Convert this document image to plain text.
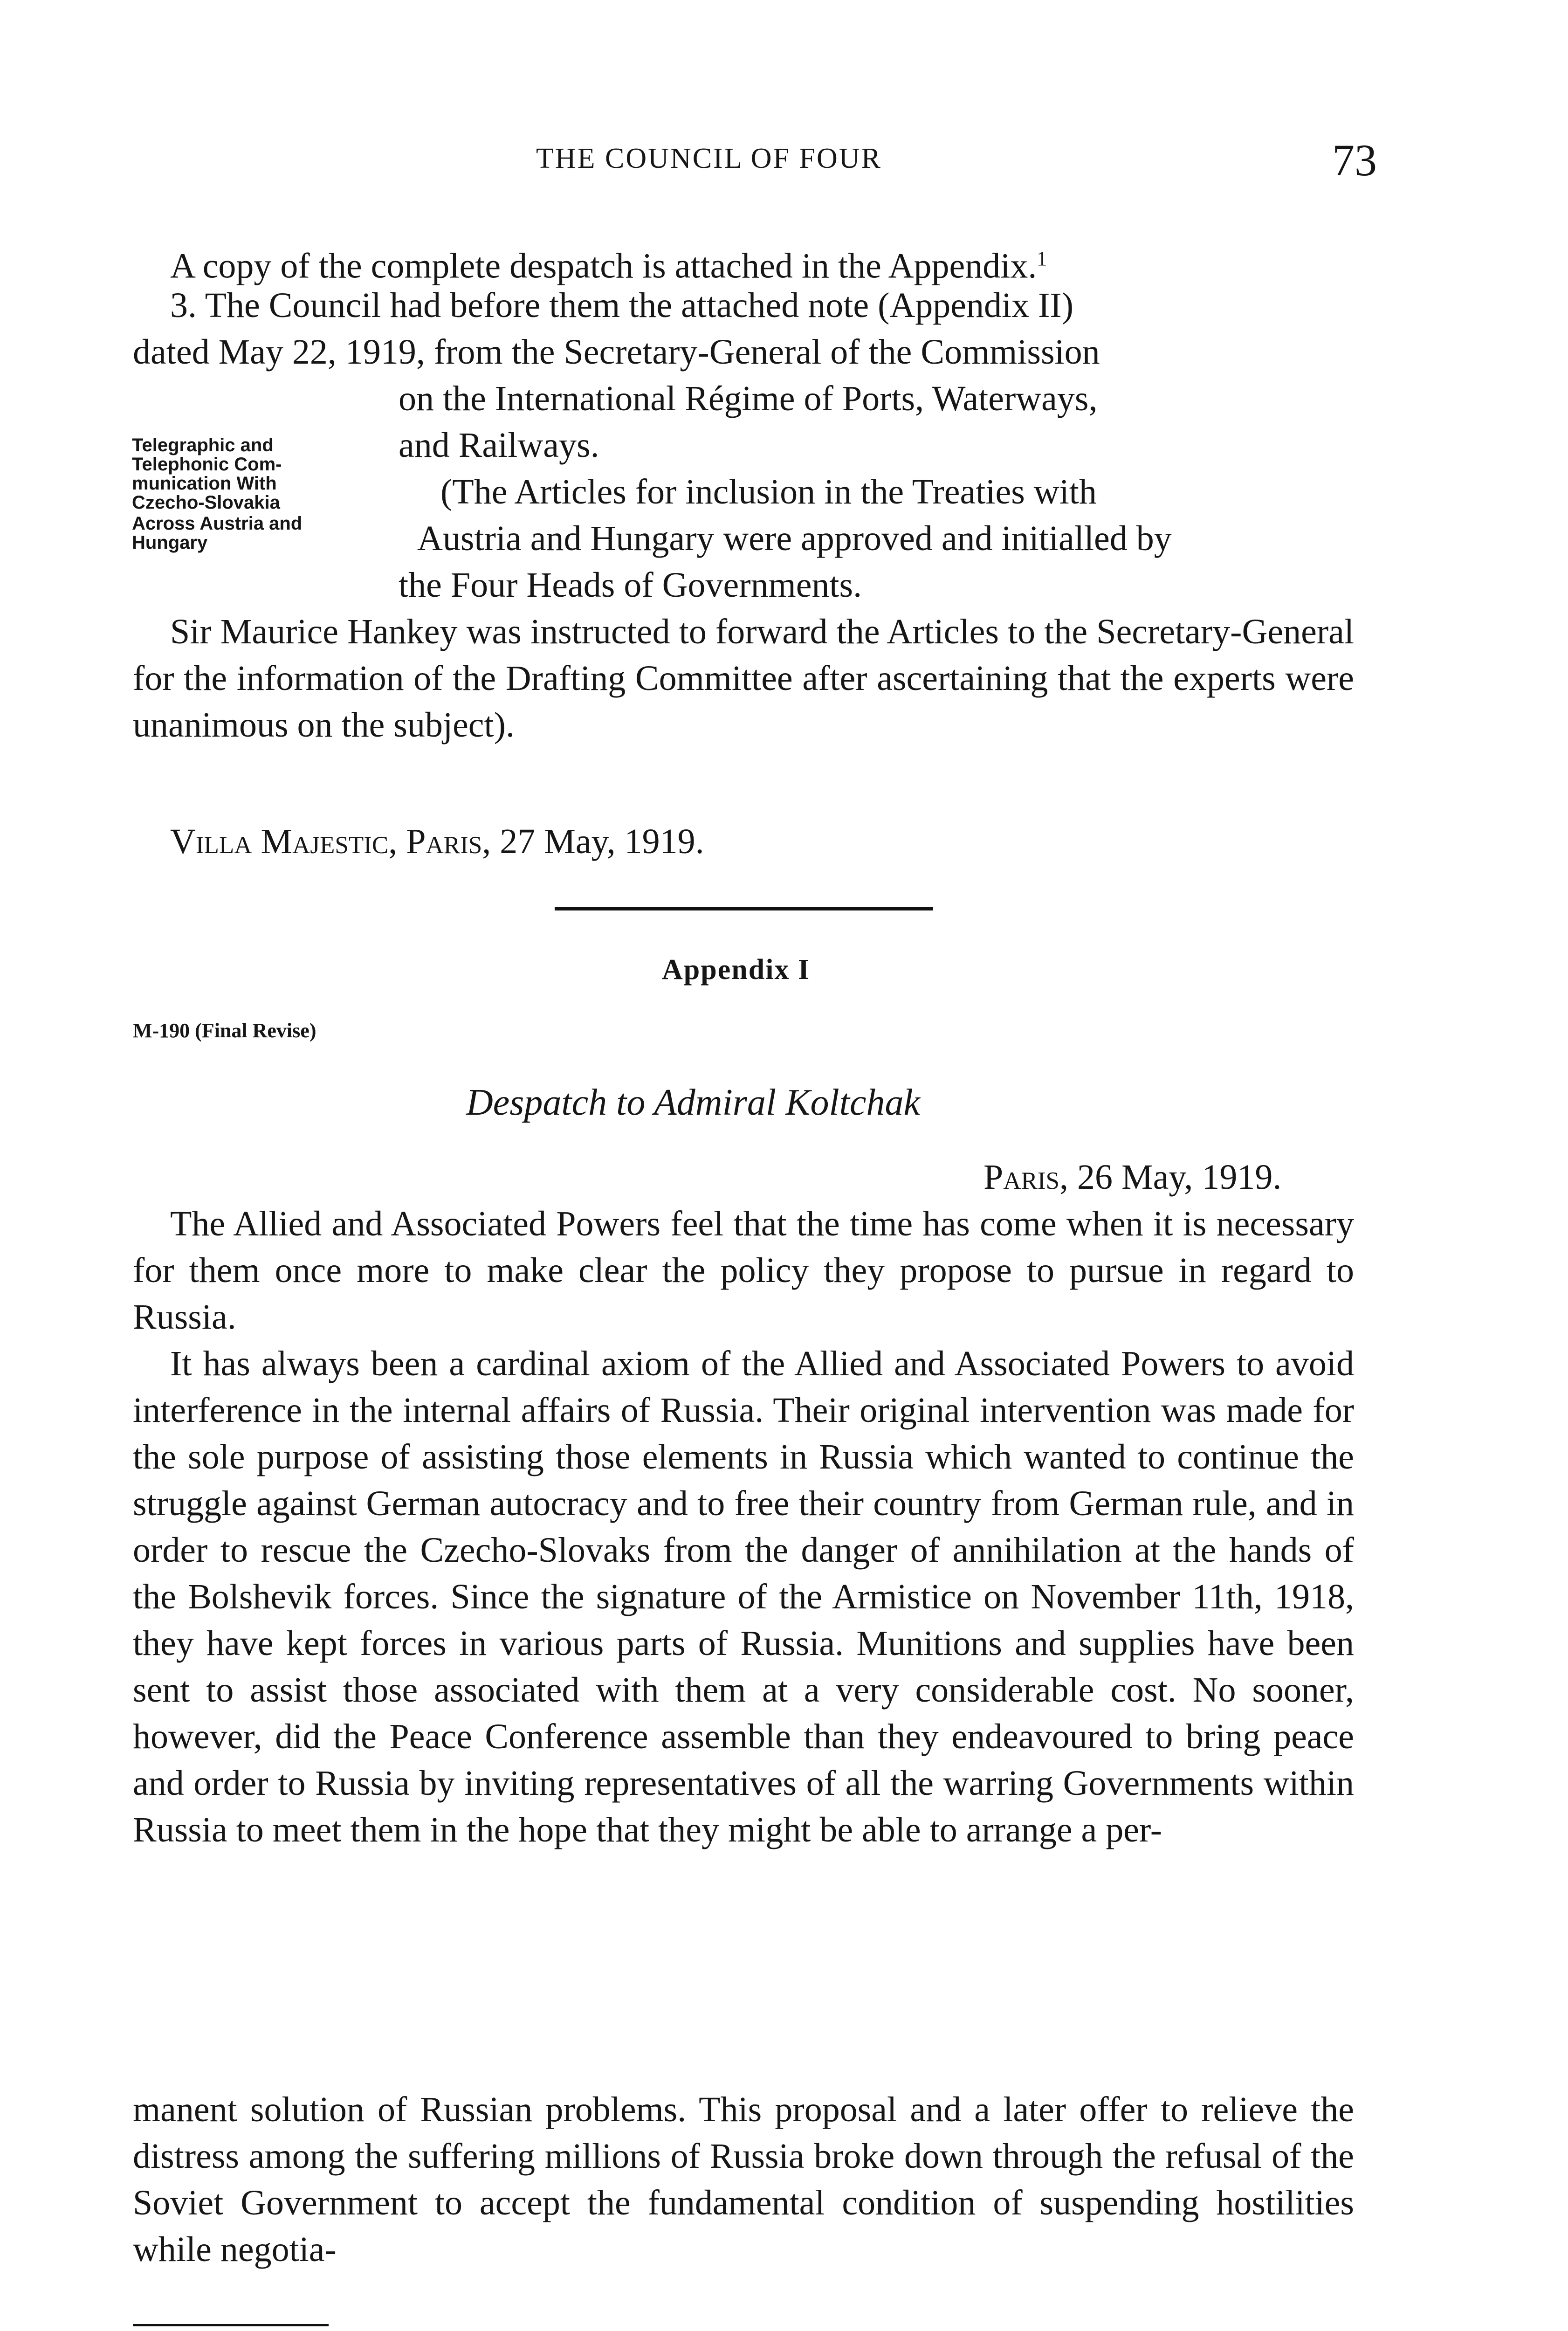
THE COUNCIL OF FOUR	73
A copy of the complete despatch is attached in the Appendix.$^1$
3. The Council had before them the attached note (Appendix II)
dated May 22, 1919, from the Secretary-General of the Commission
on the International Régime of Ports, Waterways,
and Railways.
(The Articles for inclusion in the Treaties with
Austria and Hungary were approved and initialled by
the Four Heads of Governments.
Telegraphic and
Telephonic Com-
munication With
Czecho-Slovakia
Across Austria and
Hungary
Sir Maurice Hankey was instructed to forward the Articles to the Secretary-General for the information of the Drafting Committee after ascertaining that the experts were unanimous on the subject).
Villa Majestic, Paris, 27 May, 1919.
Appendix I
M-190 (Final Revise)
Despatch to Admiral Koltchak
Paris, 26 May, 1919.
The Allied and Associated Powers feel that the time has come when it is necessary for them once more to make clear the policy they propose to pursue in regard to Russia.
It has always been a cardinal axiom of the Allied and Associated Powers to avoid interference in the internal affairs of Russia. Their original intervention was made for the sole purpose of assisting those elements in Russia which wanted to continue the struggle against German autocracy and to free their country from German rule, and in order to rescue the Czecho-Slovaks from the danger of annihilation at the hands of the Bolshevik forces. Since the signature of the Armistice on November 11th, 1918, they have kept forces in various parts of Russia. Munitions and supplies have been sent to assist those associated with them at a very considerable cost. No sooner, however, did the Peace Conference assemble than they endeavoured to bring peace and order to Russia by inviting representatives of all the warring Governments within Russia to meet them in the hope that they might be able to arrange a per-
manent solution of Russian problems. This proposal and a later offer to relieve the distress among the suffering millions of Russia broke down through the refusal of the Soviet Government to accept the fundamental condition of suspending hostilities while negotia-
